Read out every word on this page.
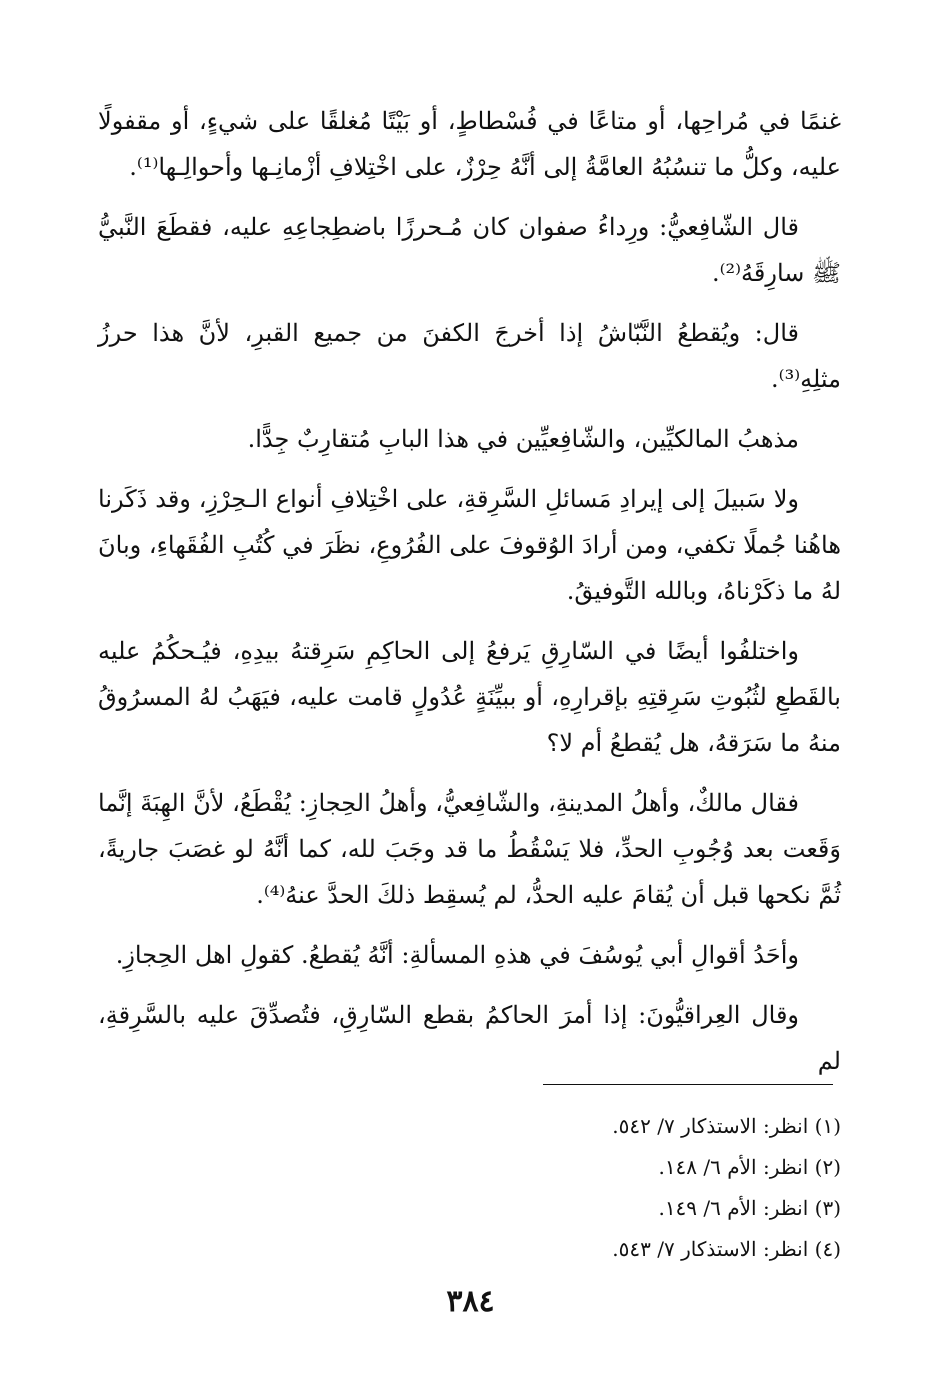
غنمًا في مُراحِها، أو متاعًا في فُسْطاطٍ، أو بَيْتًا مُغلقًا على شيءٍ، أو مقفولًا عليه، وكلُّ ما تنسُبُهُ العامَّةُ إلى أنَّهُ حِرْزٌ، على اخْتِلافِ أزْمانِـها وأحوالِـها⁽¹⁾.

قال الشّافِعيُّ: ورِداءُ صفوان كان مُـحرزًا باضطِجاعِهِ عليه، فقطَعَ النَّبيُّ ﷺ سارِقَهُ⁽²⁾.

قال: ويُقطعُ النَّبّاشُ إذا أخرجَ الكفنَ من جميع القبرِ، لأنَّ هذا حرزُ مثلِهِ⁽³⁾.

مذهبُ المالكيِّين، والشّافِعيِّين في هذا البابِ مُتقارِبٌ جِدًّا.

ولا سَبيلَ إلى إيرادِ مَسائلِ السَّرِقةِ، على اخْتِلافِ أنواع الـحِرْزِ، وقد ذَكَرنا هاهُنا جُملًا تكفي، ومن أرادَ الوُقوفَ على الفُرُوعِ، نظَرَ في كُتُبِ الفُقَهاءِ، وبانَ لهُ ما ذكَرْناهُ، وبالله التَّوفيقُ.

واختلفُوا أيضًا في السّارِقِ يَرفعُ إلى الحاكِمِ سَرِقتهُ بيدِهِ، فيُـحكُمُ عليه بالقَطعِ لثُبُوتِ سَرِقتِهِ بإقرارِهِ، أو ببيِّنَةٍ عُدُولٍ قامت عليه، فيَهَبُ لهُ المسرُوقُ منهُ ما سَرَقهُ، هل يُقطعُ أم لا؟

فقال مالكٌ، وأهلُ المدينةِ، والشّافِعيُّ، وأهلُ الحِجازِ: يُقْطَعُ، لأنَّ الهِبَةَ إنَّما وَقَعت بعد وُجُوبِ الحدِّ، فلا يَسْقُطُ ما قد وجَبَ لله، كما أنَّهُ لو غصَبَ جاريةً، ثُمَّ نكحها قبل أن يُقامَ عليه الحدُّ، لم يُسقِط ذلكَ الحدَّ عنهُ⁽⁴⁾.

وأحَدُ أقوالِ أبي يُوسُفَ في هذهِ المسألةِ: أنَّهُ يُقطعُ. كقولِ اهل الحِجازِ.

وقال العِراقيُّونَ: إذا أمرَ الحاكمُ بقطع السّارِقِ، فتُصدِّقَ عليه بالسَّرِقةِ، لم

(١) انظر: الاستذكار ٧/ ٥٤٢.

(٢) انظر: الأم ٦/ ١٤٨.

(٣) انظر: الأم ٦/ ١٤٩.

(٤) انظر: الاستذكار ٧/ ٥٤٣.

٣٨٤
